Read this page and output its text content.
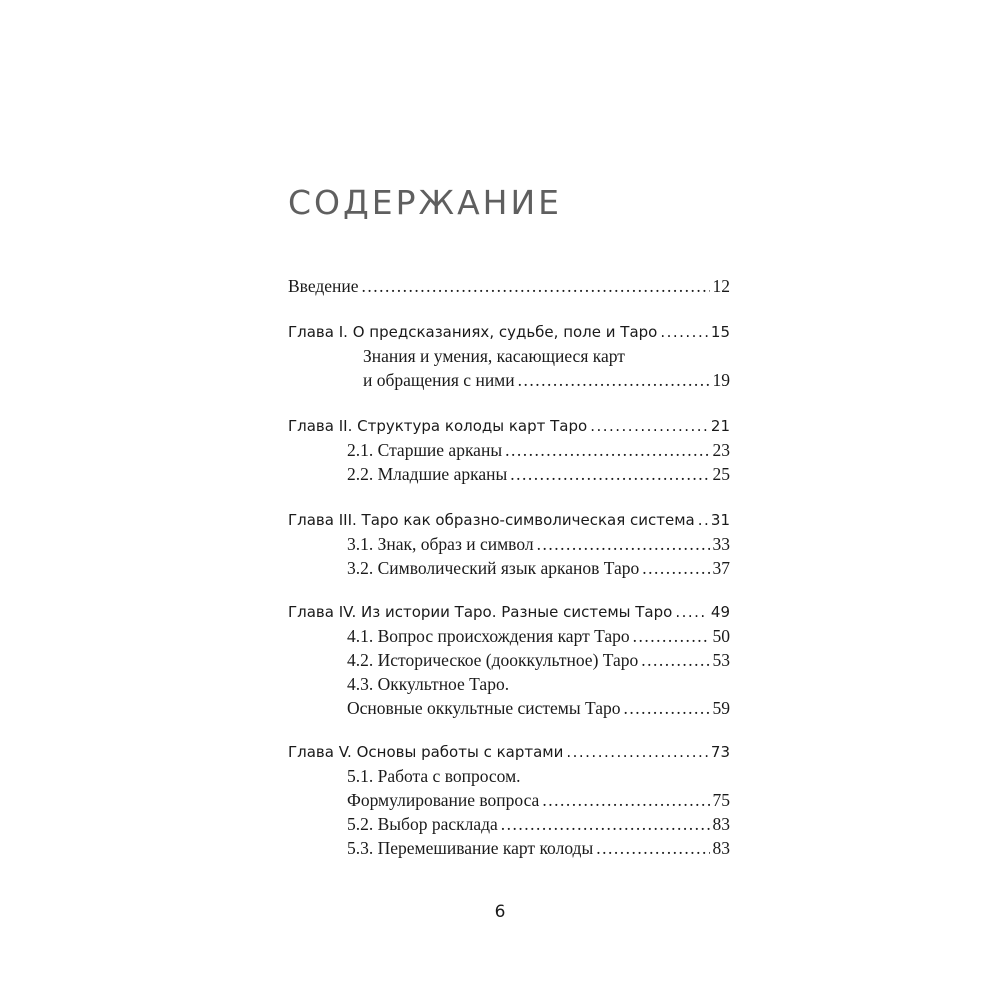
СОДЕРЖАНИЕ
Введение .....	12
Глава I. О предсказаниях, судьбе, поле и Таро .....	15
Знания и умения, касающиеся карт
и обращения с ними .....	19
Глава II. Структура колоды карт Таро .....	21
2.1. Старшие арканы .....	23
2.2. Младшие арканы .....	25
Глава III. Таро как образно-символическая система ..... 31
3.1. Знак, образ и символ .....	33
3.2. Символический язык арканов Таро .....	37
Глава IV. Из истории Таро. Разные системы Таро .....	49
4.1. Вопрос происхождения карт Таро .....	50
4.2. Историческое (дооккультное) Таро .....	53
4.3. Оккультное Таро.
Основные оккультные системы Таро .....	59
Глава V. Основы работы с картами .....	73
5.1. Работа с вопросом.
Формулирование вопроса .....	75
5.2. Выбор расклада .....	83
5.3. Перемешивание карт колоды .....	83
6
